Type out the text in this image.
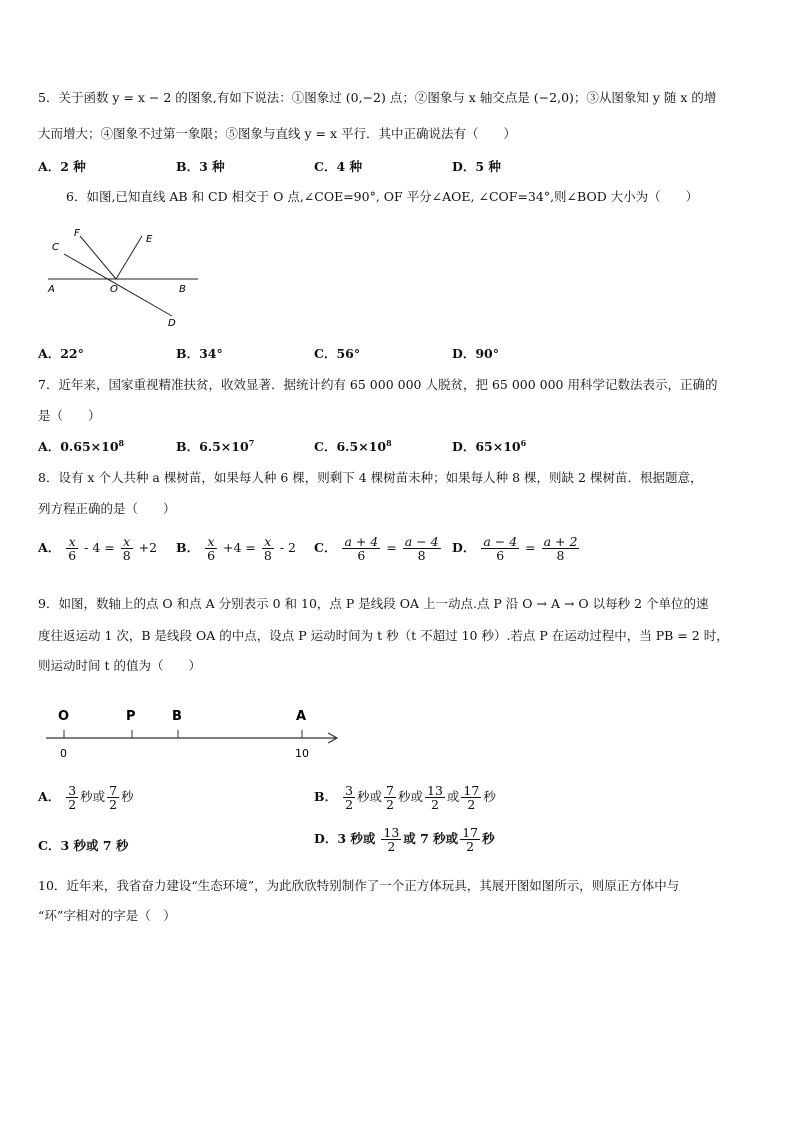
5．关于函数 y = x − 2 的图象,有如下说法：①图象过 (0,−2) 点；②图象与 x 轴交点是 (−2,0)；③从图象知 y 随 x 的增
大而增大；④图象不过第一象限；⑤图象与直线 y = x 平行．其中正确说法有（　　）
A．2 种	B．3 种	C．4 种	D．5 种
6．如图,已知直线 AB 和 CD 相交于 O 点,∠COE=90°, OF 平分∠AOE, ∠COF=34°,则∠BOD 大小为（　　）
C
F
E
A	O	B
D
A．22°	B．34°	C．56°	D．90°
7．近年来，国家重视精准扶贫，收效显著．据统计约有 65 000 000 人脱贫，把 65 000 000 用科学记数法表示，正确的
是（　　）
A．$0.65\times 10^8$	B．$6.5\times 10^7$	C．$6.5\times 10^8$	D．$65\times 10^6$
8．设有 x 个人共种 a 棵树苗，如果每人种 6 棵，则剩下 4 棵树苗未种；如果每人种 8 棵，则缺 2 棵树苗．根据题意，
列方程正确的是（　　）
A． $\frac{x}{6} - 4 = \frac{x}{8} +2$ B． $\frac{x}{6} +4 = \frac{x}{8} - 2$ C． $\frac{a + 4}{6} = \frac{a - 4}{8}$ D． $\frac{a - 4}{6} = \frac{a + 2}{8}$
9．如图，数轴上的点 O 和点 A 分别表示 0 和 10，点 P 是线段 OA 上一动点.点 P 沿 O → A → O 以每秒 2 个单位的速
度往返运动 1 次，B 是线段 OA 的中点，设点 P 运动时间为 t 秒（t 不超过 10 秒）.若点 P 在运动过程中，当 PB = 2 时，
则运动时间 t 的值为（　　）
O	P	B	A
0	10
A． $\frac{3}{2}$ 秒或 $\frac{7}{2}$ 秒	B． $\frac{3}{2}$ 秒或 $\frac{7}{2}$ 秒或 $\frac{13}{2}$ 或 $\frac{17}{2}$ 秒
C．3 秒或 7 秒	D．3 秒或 $\frac{13}{2}$ 或 7 秒或 $\frac{17}{2}$ 秒
10．近年来，我省奋力建设“生态环境”，为此欣欣特别制作了一个正方体玩具，其展开图如图所示，则原正方体中与
“环”字相对的字是（　）
